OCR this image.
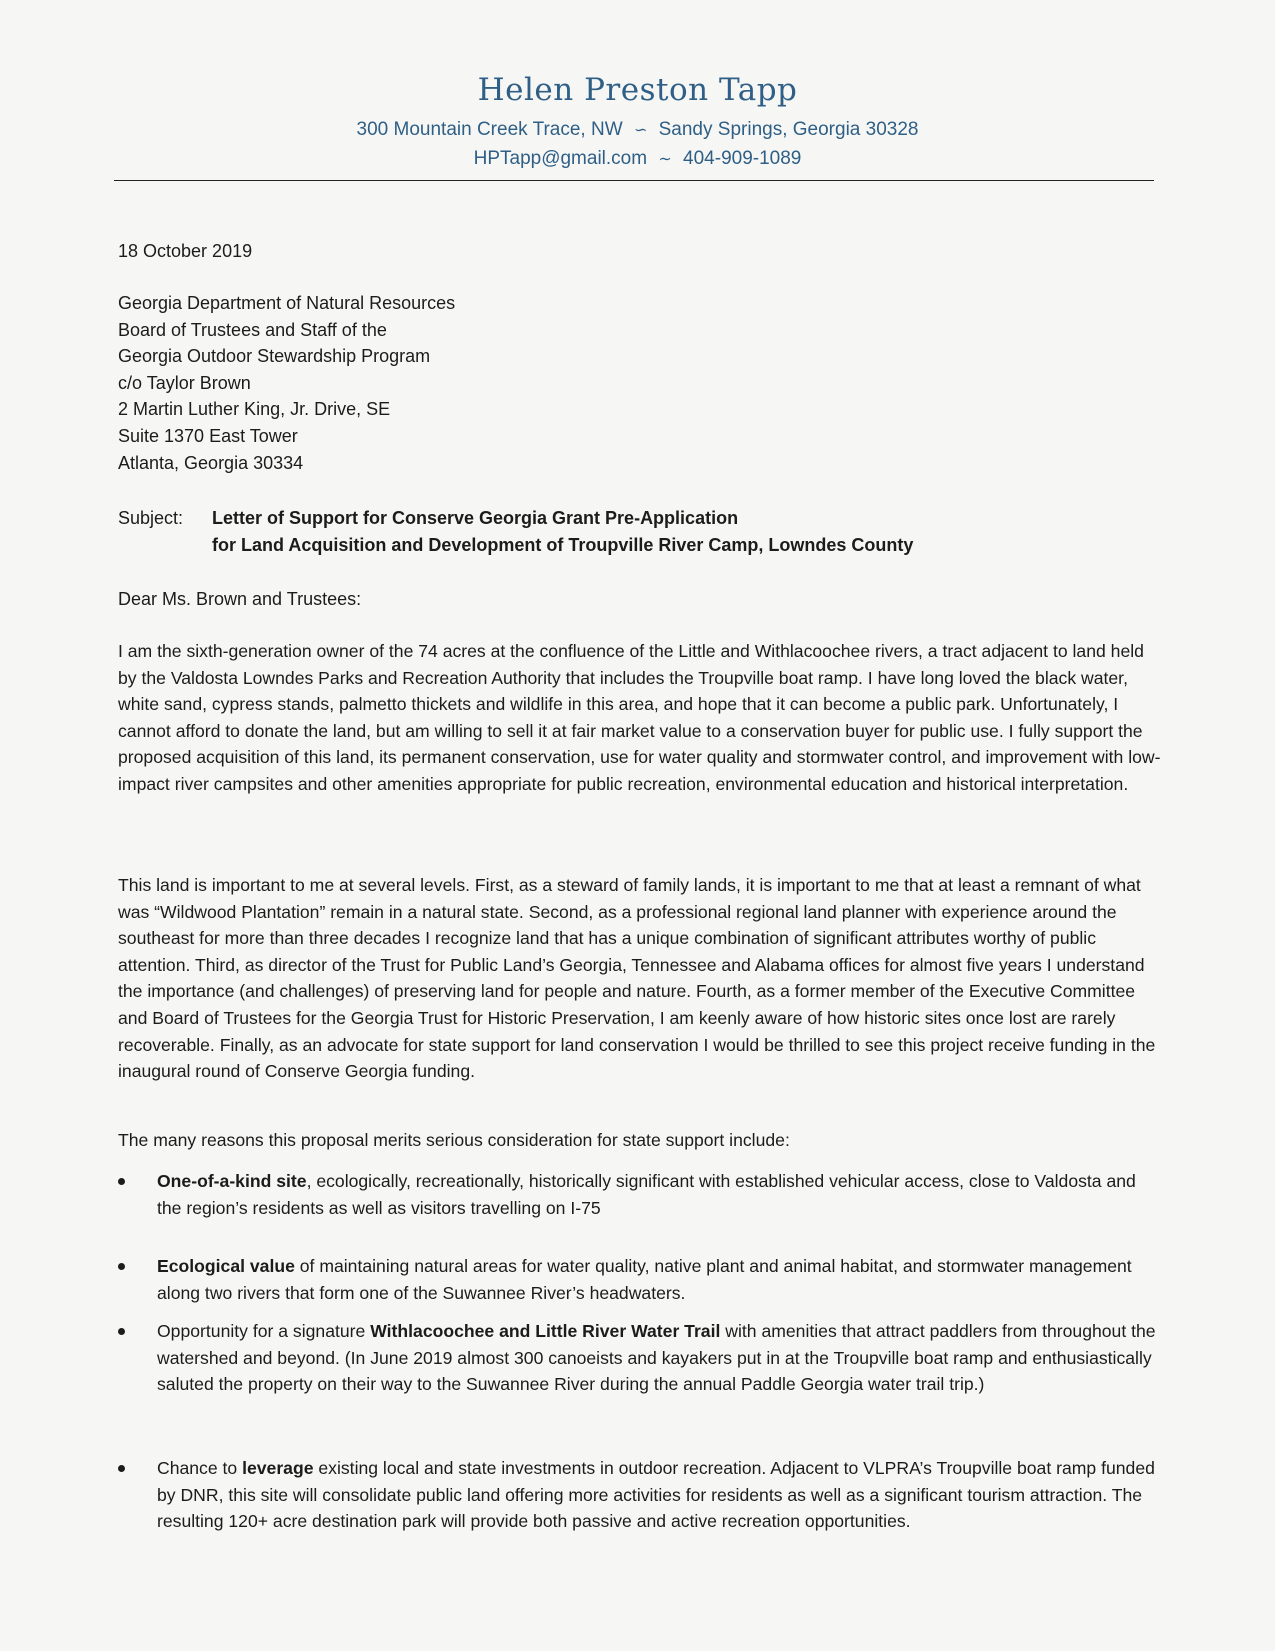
Helen Preston Tapp
300 Mountain Creek Trace, NW ∽ Sandy Springs, Georgia 30328
HPTapp@gmail.com ∼ 404-909-1089
18 October 2019
Georgia Department of Natural Resources
Board of Trustees and Staff of the
Georgia Outdoor Stewardship Program
c/o Taylor Brown
2 Martin Luther King, Jr. Drive, SE
Suite 1370 East Tower
Atlanta, Georgia 30334
Subject: Letter of Support for Conserve Georgia Grant Pre-Application
for Land Acquisition and Development of Troupville River Camp, Lowndes County
Dear Ms. Brown and Trustees:

I am the sixth-generation owner of the 74 acres at the confluence of the Little and Withlacoochee rivers, a tract adjacent to land held by the Valdosta Lowndes Parks and Recreation Authority that includes the Troupville boat ramp. I have long loved the black water, white sand, cypress stands, palmetto thickets and wildlife in this area, and hope that it can become a public park. Unfortunately, I cannot afford to donate the land, but am willing to sell it at fair market value to a conservation buyer for public use. I fully support the proposed acquisition of this land, its permanent conservation, use for water quality and stormwater control, and improvement with low-impact river campsites and other amenities appropriate for public recreation, environmental education and historical interpretation.

This land is important to me at several levels. First, as a steward of family lands, it is important to me that at least a remnant of what was “Wildwood Plantation” remain in a natural state. Second, as a professional regional land planner with experience around the southeast for more than three decades I recognize land that has a unique combination of significant attributes worthy of public attention. Third, as director of the Trust for Public Land’s Georgia, Tennessee and Alabama offices for almost five years I understand the importance (and challenges) of preserving land for people and nature. Fourth, as a former member of the Executive Committee and Board of Trustees for the Georgia Trust for Historic Preservation, I am keenly aware of how historic sites once lost are rarely recoverable. Finally, as an advocate for state support for land conservation I would be thrilled to see this project receive funding in the inaugural round of Conserve Georgia funding.

The many reasons this proposal merits serious consideration for state support include:

One-of-a-kind site, ecologically, recreationally, historically significant with established vehicular access, close to Valdosta and the region’s residents as well as visitors travelling on I-75
Ecological value of maintaining natural areas for water quality, native plant and animal habitat, and stormwater management along two rivers that form one of the Suwannee River’s headwaters.
Opportunity for a signature Withlacoochee and Little River Water Trail with amenities that attract paddlers from throughout the watershed and beyond. (In June 2019 almost 300 canoeists and kayakers put in at the Troupville boat ramp and enthusiastically saluted the property on their way to the Suwannee River during the annual Paddle Georgia water trail trip.)
Chance to leverage existing local and state investments in outdoor recreation. Adjacent to VLPRA’s Troupville boat ramp funded by DNR, this site will consolidate public land offering more activities for residents as well as a significant tourism attraction. The resulting 120+ acre destination park will provide both passive and active recreation opportunities.
